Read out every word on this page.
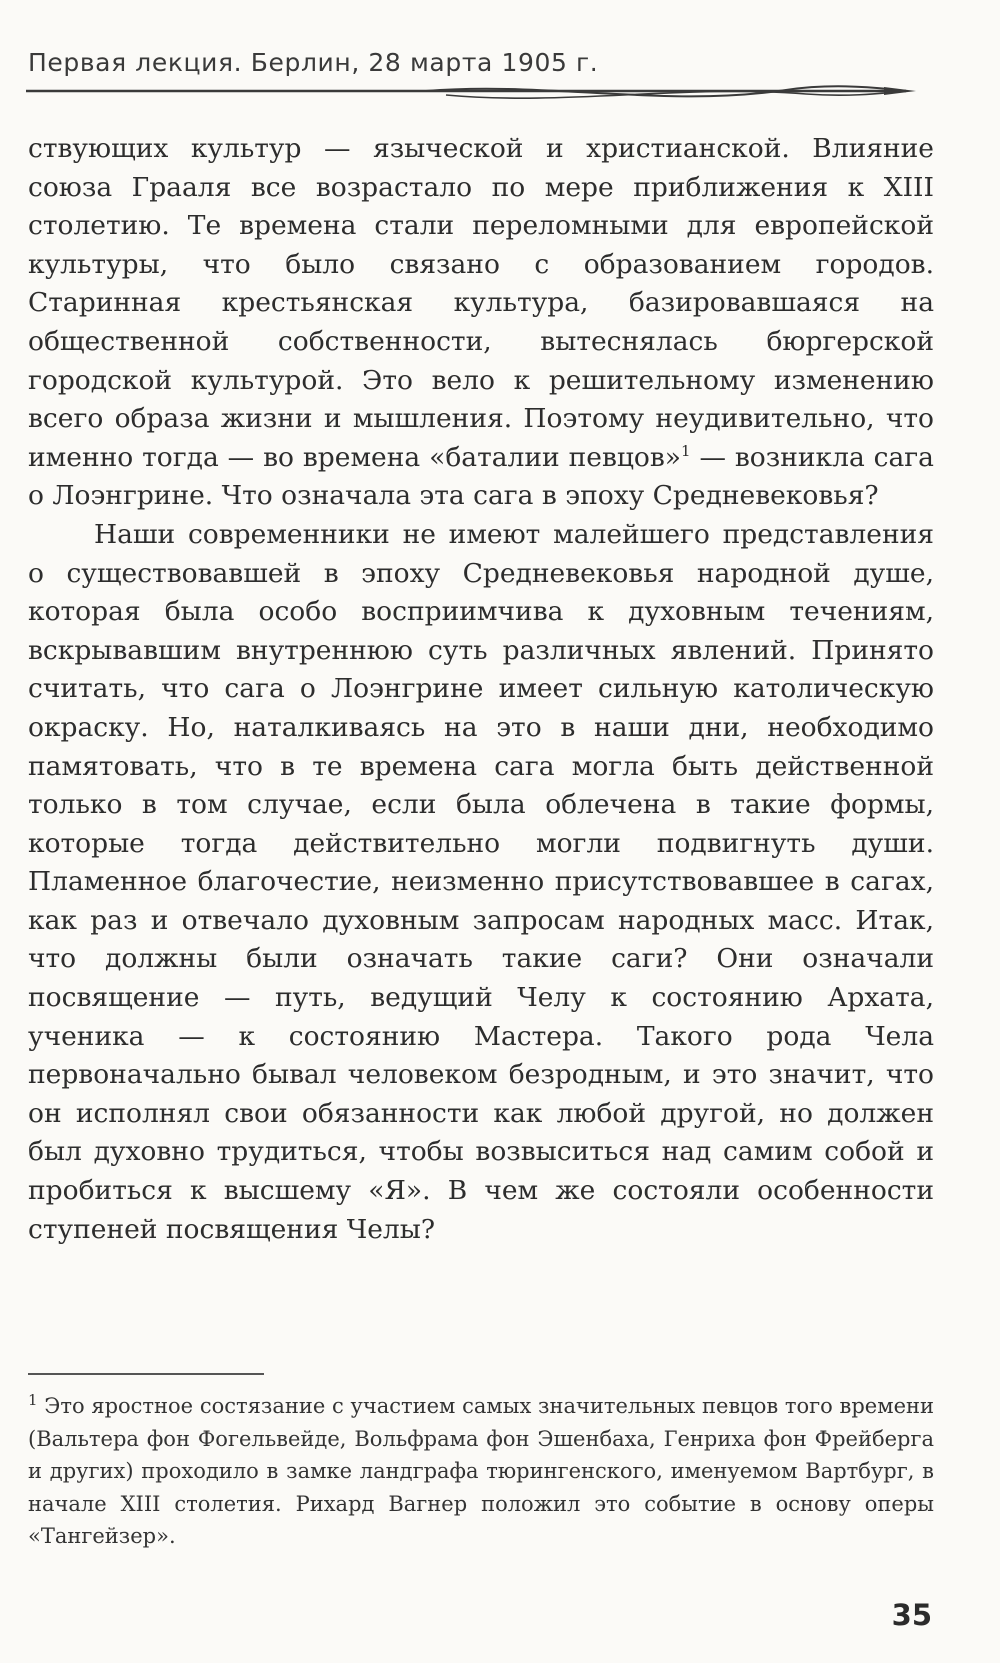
Первая лекция. Берлин, 28 марта 1905 г.

ствующих культур — языческой и христианской. Влияние союза Грааля все возрастало по мере приближения к XIII столетию. Те времена стали переломными для европейской культуры, что было связано с образованием городов. Старинная крестьянская культура, базировавшаяся на общественной собственности, вытеснялась бюргерской городской культурой. Это вело к решительному изменению всего образа жизни и мышления. Поэтому неудивительно, что именно тогда — во времена «баталии певцов»$^1$ — возникла сага о Лоэнгрине. Что означала эта сага в эпоху Средневековья?

Наши современники не имеют малейшего представления о существовавшей в эпоху Средневековья народной душе, которая была особо восприимчива к духовным течениям, вскрывавшим внутреннюю суть различных явлений. Принято считать, что сага о Лоэнгрине имеет сильную католическую окраску. Но, наталкиваясь на это в наши дни, необходимо памятовать, что в те времена сага могла быть действенной только в том случае, если была облечена в такие формы, которые тогда действительно могли подвигнуть души. Пламенное благочестие, неизменно присутствовавшее в сагах, как раз и отвечало духовным запросам народных масс. Итак, что должны были означать такие саги? Они означали посвящение — путь, ведущий Челу к состоянию Архата, ученика — к состоянию Мастера. Такого рода Чела первоначально бывал человеком безродным, и это значит, что он исполнял свои обязанности как любой другой, но должен был духовно трудиться, чтобы возвыситься над самим собой и пробиться к высшему «Я». В чем же состояли особенности ступеней посвящения Челы?

$^1$ Это яростное состязание с участием самых значительных певцов того времени (Вальтера фон Фогельвейде, Вольфрама фон Эшенбаха, Генриха фон Фрейберга и других) проходило в замке ландграфа тюрингенского, именуемом Вартбург, в начале XIII столетия. Рихард Вагнер положил это событие в основу оперы «Тангейзер».

35
